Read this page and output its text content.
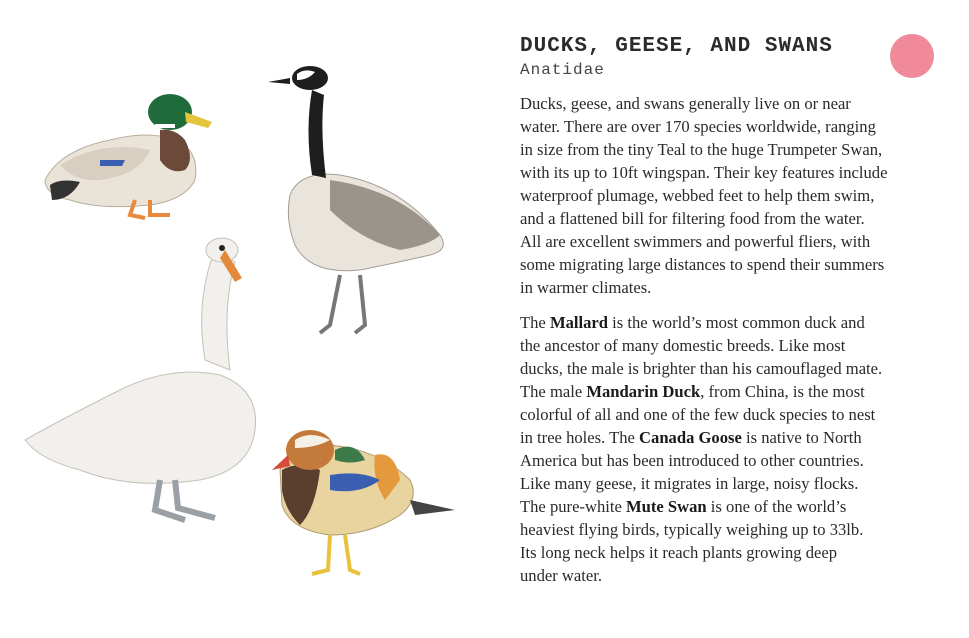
DUCKS, GEESE, AND SWANS
Anatidae
Ducks, geese, and swans generally live on or near
water. There are over 170 species worldwide, ranging
in size from the tiny Teal to the huge Trumpeter Swan,
with its up to 10ft wingspan. Their key features include
waterproof plumage, webbed feet to help them swim,
and a flattened bill for filtering food from the water.
All are excellent swimmers and powerful fliers, with
some migrating large distances to spend their summers
in warmer climates.
The Mallard is the world’s most common duck and
the ancestor of many domestic breeds. Like most
ducks, the male is brighter than his camouflaged mate.
The male Mandarin Duck, from China, is the most
colorful of all and one of the few duck species to nest
in tree holes. The Canada Goose is native to North
America but has been introduced to other countries.
Like many geese, it migrates in large, noisy flocks.
The pure-white Mute Swan is one of the world’s
heaviest flying birds, typically weighing up to 33lb.
Its long neck helps it reach plants growing deep
under water.
